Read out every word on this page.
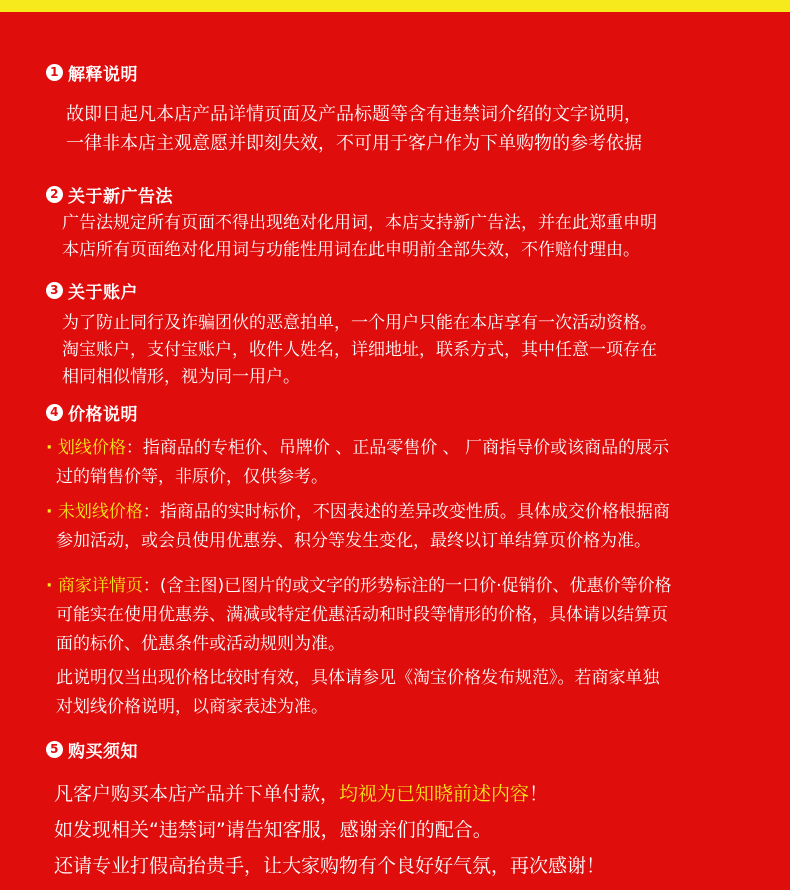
1 解释说明
故即日起凡本店产品详情页面及产品标题等含有违禁词介绍的文字说明，
一律非本店主观意愿并即刻失效，不可用于客户作为下单购物的参考依据
2 关于新广告法
广告法规定所有页面不得出现绝对化用词，本店支持新广告法，并在此郑重申明
本店所有页面绝对化用词与功能性用词在此申明前全部失效，不作赔付理由。
3 关于账户
为了防止同行及诈骗团伙的恶意拍单，一个用户只能在本店享有一次活动资格。
淘宝账户，支付宝账户，收件人姓名，详细地址，联系方式，其中任意一项存在
相同相似情形，视为同一用户。
4 价格说明
· 划线价格：指商品的专柜价、吊牌价 、正品零售价 、 厂商指导价或该商品的展示
过的销售价等，非原价，仅供参考。
· 未划线价格：指商品的实时标价，不因表述的差异改变性质。具体成交价格根据商
参加活动，或会员使用优惠券、积分等发生变化，最终以订单结算页价格为准。
· 商家详情页：(含主图)已图片的或文字的形势标注的一口价·促销价、优惠价等价格
可能实在使用优惠券、满减或特定优惠活动和时段等情形的价格，具体请以结算页
面的标价、优惠条件或活动规则为准。
此说明仅当出现价格比较时有效，具体请参见《淘宝价格发布规范》。若商家单独
对划线价格说明，以商家表述为准。
5 购买须知
凡客户购买本店产品并下单付款，均视为已知晓前述内容！
如发现相关“违禁词”请告知客服，感谢亲们的配合。
还请专业打假高抬贵手，让大家购物有个良好好气氛，再次感谢！
